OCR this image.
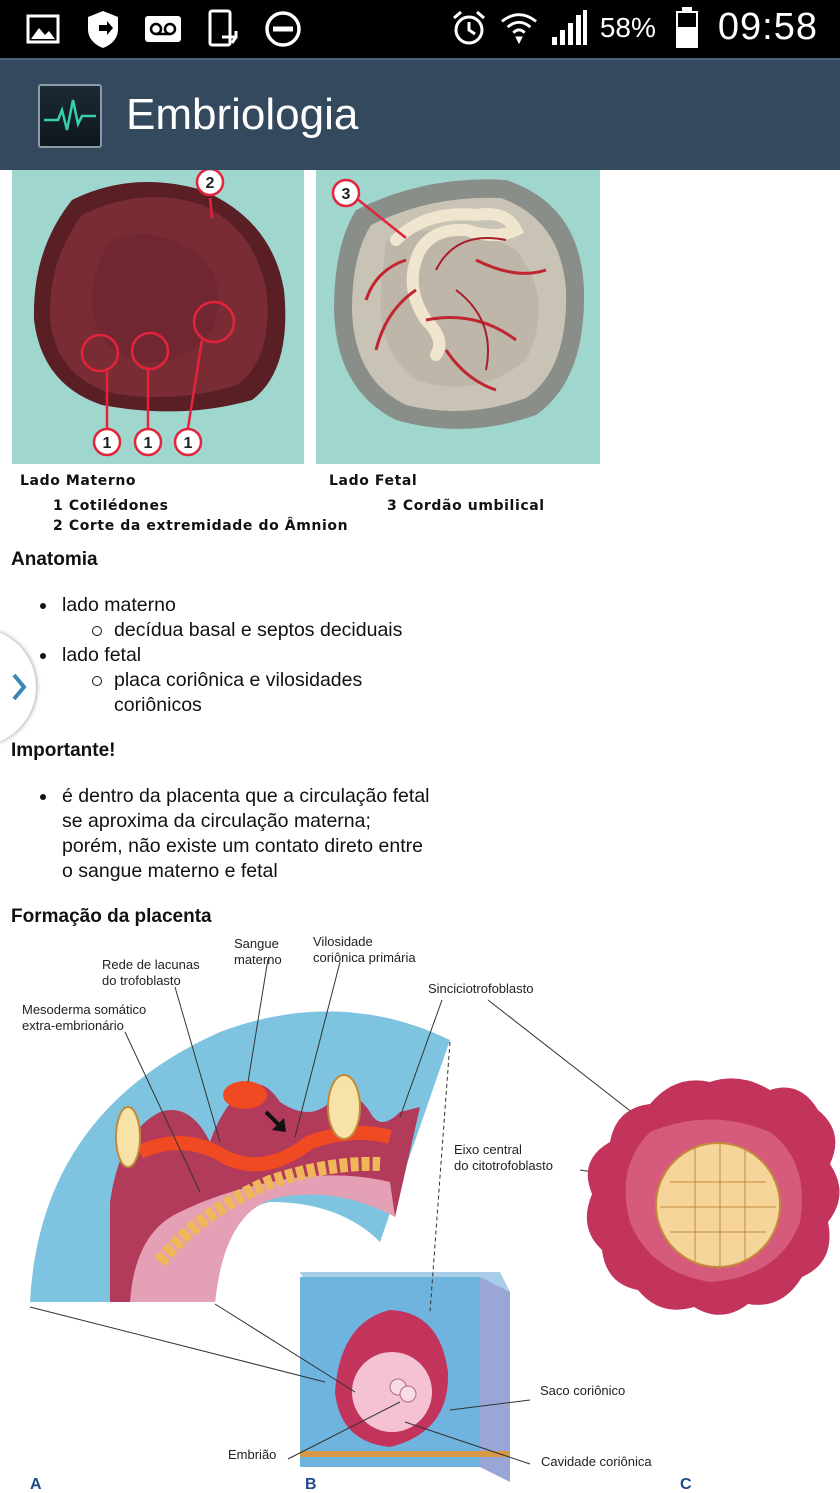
58% 09:58
Embriologia
1 1 1
2
3
Lado Materno	Lado Fetal
1 Cotilédones
2 Corte da extremidade do Âmnion
3 Cordão umbilical
Anatomia
lado materno
decídua basal e septos deciduais
lado fetal
placa coriônica e vilosidades
coriônicos
Importante!
é dentro da placenta que a circulação fetal
se aproxima da circulação materna;
porém, não existe um contato direto entre
o sangue materno e fetal
Formação da placenta
Sangue
materno
Vilosidade
coriônica primária
Rede de lacunas
do trofoblasto
Sinciciotrofoblasto
Mesoderma somático
extra-embrionário
Eixo central
do citotrofoblasto
Saco coriônico
Embrião	Cavidade coriônica
A	B	C
